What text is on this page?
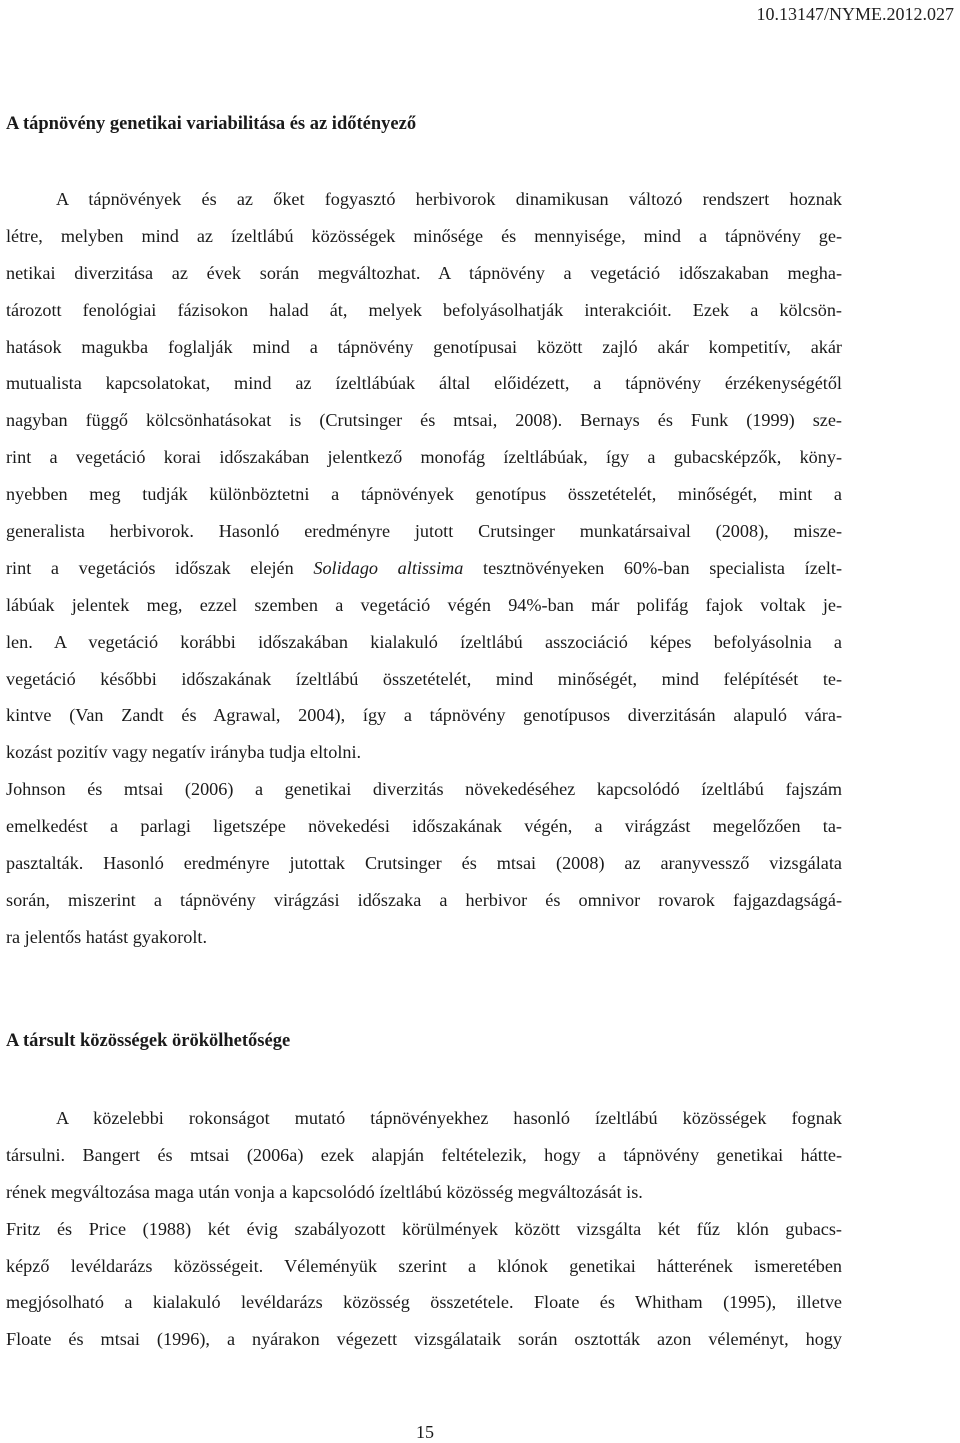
10.13147/NYME.2012.027
A tápnövény genetikai variabilitása és az időtényező
A tápnövények és az őket fogyasztó herbivorok dinamikusan változó rendszert hoznak
létre, melyben mind az ízeltlábú közösségek minősége és mennyisége, mind a tápnövény ge-
netikai diverzitása az évek során megváltozhat. A tápnövény a vegetáció időszakaban megha-
tározott fenológiai fázisokon halad át, melyek befolyásolhatják interakcióit. Ezek a kölcsön-
hatások magukba foglalják mind a tápnövény genotípusai között zajló akár kompetitív, akár
mutualista kapcsolatokat, mind az ízeltlábúak által előidézett, a tápnövény érzékenységétől
nagyban függő kölcsönhatásokat is (Crutsinger és mtsai, 2008). Bernays és Funk (1999) sze-
rint a vegetáció korai időszakában jelentkező monofág ízeltlábúak, így a gubacsképzők, köny-
nyebben meg tudják különböztetni a tápnövények genotípus összetételét, minőségét, mint a
generalista herbivorok. Hasonló eredményre jutott Crutsinger munkatársaival (2008), misze-
rint a vegetációs időszak elején Solidago altissima tesztnövényeken 60%-ban specialista ízelt-
lábúak jelentek meg, ezzel szemben a vegetáció végén 94%-ban már polifág fajok voltak je-
len. A vegetáció korábbi időszakában kialakuló ízeltlábú asszociáció képes befolyásolnia a
vegetáció későbbi időszakának ízeltlábú összetételét, mind minőségét, mind felépítését te-
kintve (Van Zandt és Agrawal, 2004), így a tápnövény genotípusos diverzitásán alapuló vára-
kozást pozitív vagy negatív irányba tudja eltolni.
Johnson és mtsai (2006) a genetikai diverzitás növekedéséhez kapcsolódó ízeltlábú fajszám
emelkedést a parlagi ligetszépe növekedési időszakának végén, a virágzást megelőzően ta-
pasztalták. Hasonló eredményre jutottak Crutsinger és mtsai (2008) az aranyvessző vizsgálata
során, miszerint a tápnövény virágzási időszaka a herbivor és omnivor rovarok fajgazdagságá-
ra jelentős hatást gyakorolt.
A társult közösségek örökölhetősége
A közelebbi rokonságot mutató tápnövényekhez hasonló ízeltlábú közösségek fognak
társulni. Bangert és mtsai (2006a) ezek alapján feltételezik, hogy a tápnövény genetikai hátte-
rének megváltozása maga után vonja a kapcsolódó ízeltlábú közösség megváltozását is.
Fritz és Price (1988) két évig szabályozott körülmények között vizsgálta két fűz klón gubacs-
képző levéldarázs közösségeit. Véleményük szerint a klónok genetikai hátterének ismeretében
megjósolható a kialakuló levéldarázs közösség összetétele. Floate és Whitham (1995), illetve
Floate és mtsai (1996), a nyárakon végezett vizsgálataik során osztották azon véleményt, hogy
15
